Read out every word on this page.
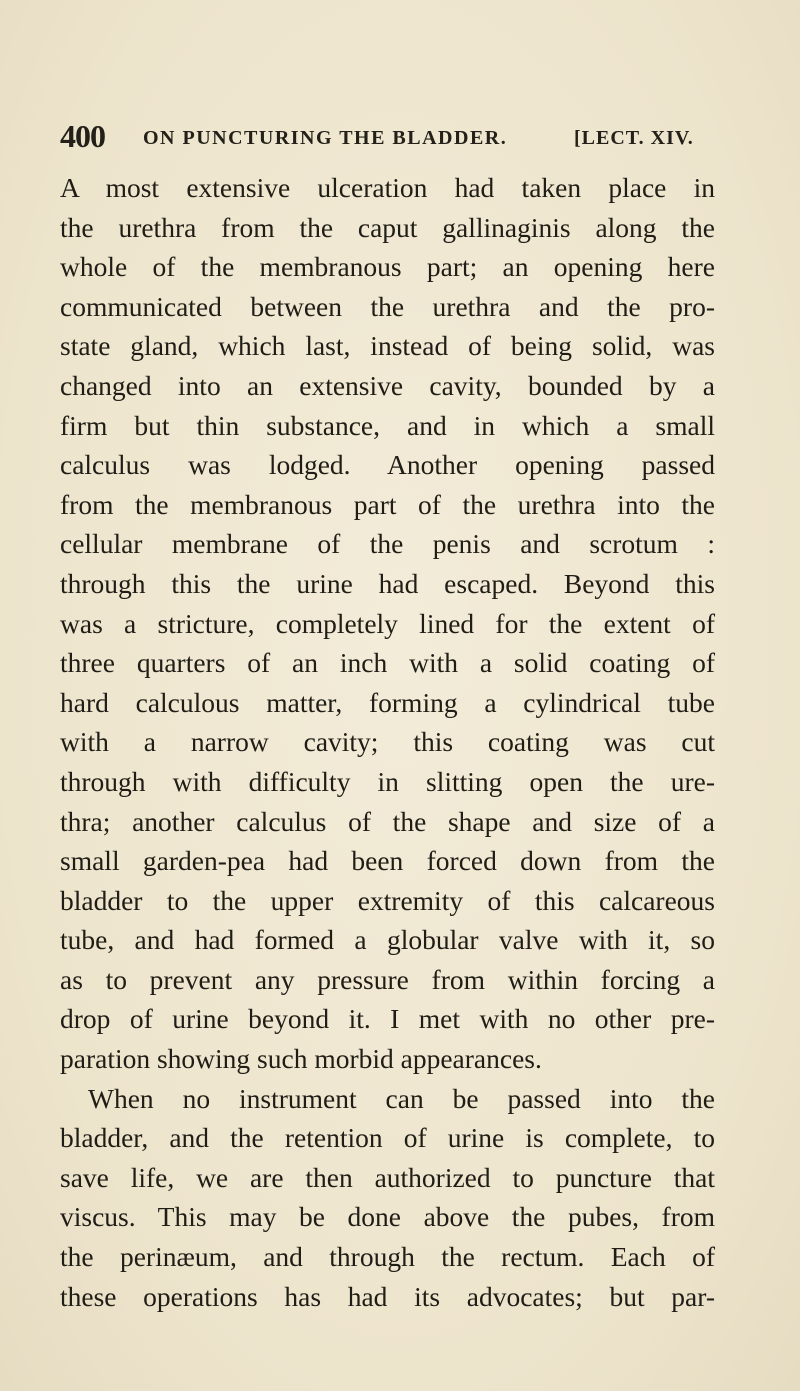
400 ON PUNCTURING THE BLADDER.	[LECT. XIV.
A most extensive ulceration had taken place in
the urethra from the caput gallinaginis along the
whole of the membranous part; an opening here
communicated between the urethra and the pro-
state gland, which last, instead of being solid, was
changed into an extensive cavity, bounded by a
firm but thin substance, and in which a small
calculus was lodged. Another opening passed
from the membranous part of the urethra into the
cellular membrane of the penis and scrotum :
through this the urine had escaped. Beyond this
was a stricture, completely lined for the extent of
three quarters of an inch with a solid coating of
hard calculous matter, forming a cylindrical tube
with a narrow cavity; this coating was cut
through with difficulty in slitting open the ure-
thra; another calculus of the shape and size of a
small garden-pea had been forced down from the
bladder to the upper extremity of this calcareous
tube, and had formed a globular valve with it, so
as to prevent any pressure from within forcing a
drop of urine beyond it. I met with no other pre-
paration showing such morbid appearances.
When no instrument can be passed into the
bladder, and the retention of urine is complete, to
save life, we are then authorized to puncture that
viscus. This may be done above the pubes, from
the perinæum, and through the rectum. Each of
these operations has had its advocates; but par-
